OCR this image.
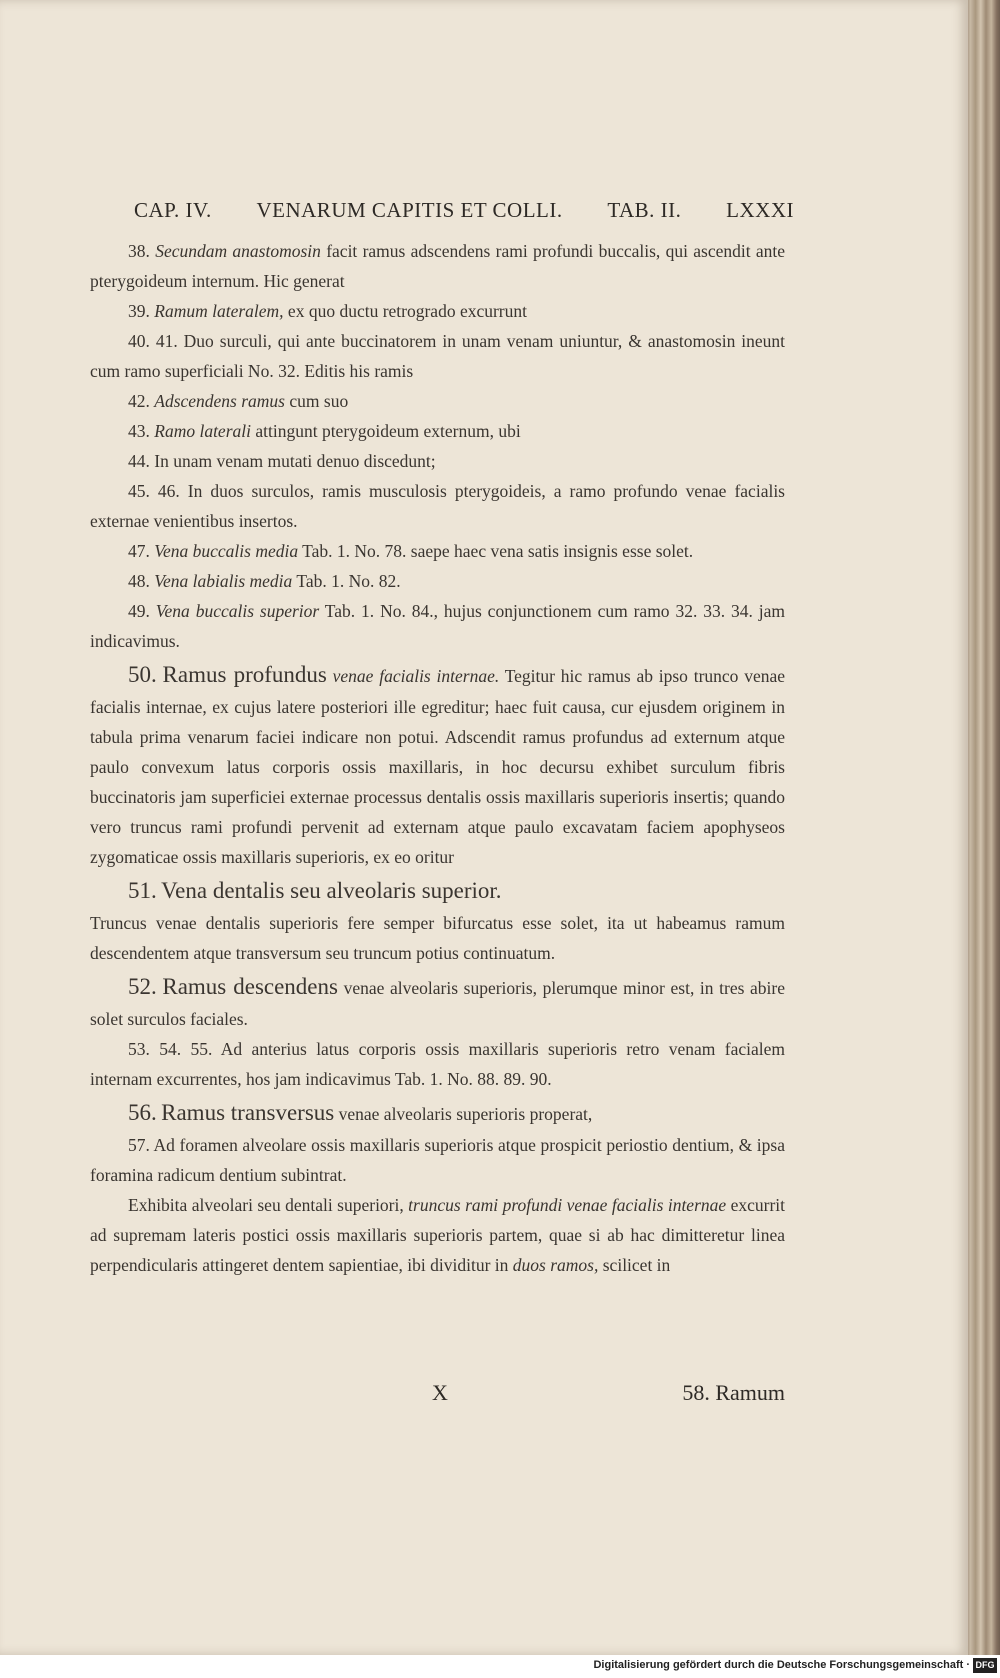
CAP. IV. VENARUM CAPITIS ET COLLI. TAB. II. LXXXI

38. Secundam anastomosin facit ramus adscendens rami profundi buccalis, qui ascendit ante pterygoideum internum. Hic generat

39. Ramum lateralem, ex quo ductu retrogrado excurrunt

40. 41. Duo surculi, qui ante buccinatorem in unam venam uniuntur, & anastomosin ineunt cum ramo superficiali No. 32. Editis his ramis

42. Adscendens ramus cum suo

43. Ramo laterali attingunt pterygoideum externum, ubi

44. In unam venam mutati denuo discedunt;

45. 46. In duos surculos, ramis musculosis pterygoideis, a ramo profundo venae facialis externae venientibus insertos.

47. Vena buccalis media Tab. 1. No. 78. saepe haec vena satis insignis esse solet.

48. Vena labialis media Tab. 1. No. 82.

49. Vena buccalis superior Tab. 1. No. 84., hujus conjunctionem cum ramo 32. 33. 34. jam indicavimus.

50. Ramus profundus venae facialis internae. Tegitur hic ramus ab ipso trunco venae facialis internae, ex cujus latere posteriori ille egreditur; haec fuit causa, cur ejusdem originem in tabula prima venarum faciei indicare non potui. Adscendit ramus profundus ad externum atque paulo convexum latus corporis ossis maxillaris, in hoc decursu exhibet surculum fibris buccinatoris jam superficiei externae processus dentalis ossis maxillaris superioris insertis; quando vero truncus rami profundi pervenit ad externam atque paulo excavatam faciem apophyseos zygomaticae ossis maxillaris superioris, ex eo oritur

51. Vena dentalis seu alveolaris superior.

Truncus venae dentalis superioris fere semper bifurcatus esse solet, ita ut habeamus ramum descendentem atque transversum seu truncum potius continuatum.

52. Ramus descendens venae alveolaris superioris, plerumque minor est, in tres abire solet surculos faciales.

53. 54. 55. Ad anterius latus corporis ossis maxillaris superioris retro venam facialem internam excurrentes, hos jam indicavimus Tab. 1. No. 88. 89. 90.

56. Ramus transversus venae alveolaris superioris properat,

57. Ad foramen alveolare ossis maxillaris superioris atque prospicit periostio dentium, & ipsa foramina radicum dentium subintrat.

Exhibita alveolari seu dentali superiori, truncus rami profundi venae facialis internae excurrit ad supremam lateris postici ossis maxillaris superioris partem, quae si ab hac dimitteretur linea perpendicularis attingeret dentem sapientiae, ibi dividitur in duos ramos, scilicet in

X	58. Ramum
Digitalisierung gefördert durch die Deutsche Forschungsgemeinschaft · DFG
